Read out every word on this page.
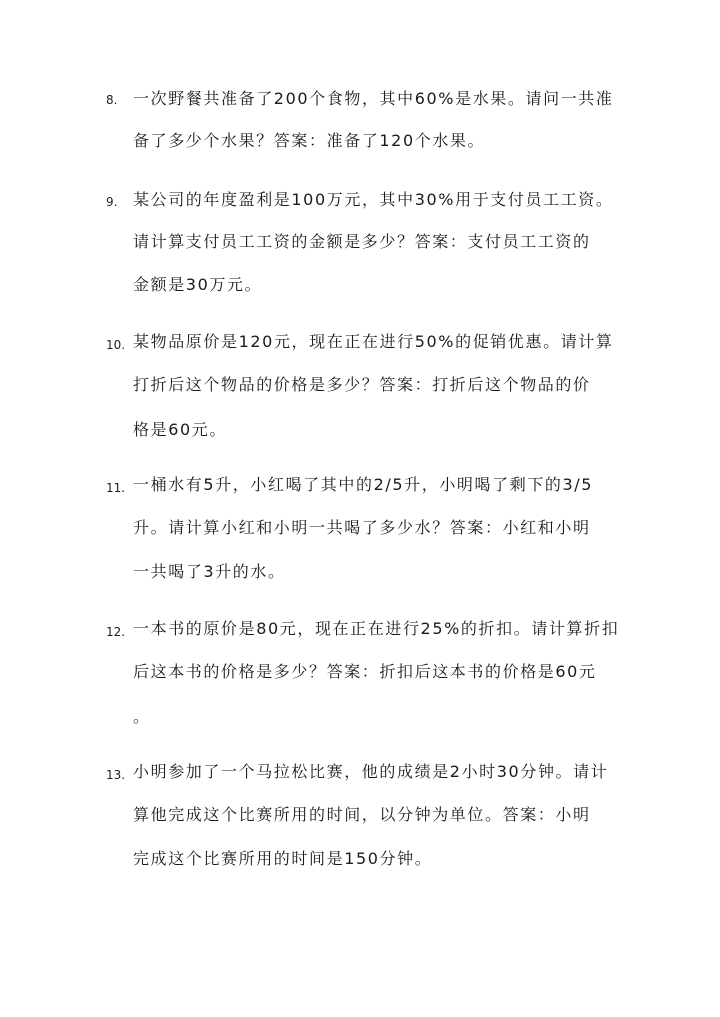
8. 一次野餐共准备了200个食物，其中60%是水果。请问一共准
备了多少个水果？答案：准备了120个水果。
9. 某公司的年度盈利是100万元，其中30%用于支付员工工资。
请计算支付员工工资的金额是多少？答案：支付员工工资的
金额是30万元。
10. 某物品原价是120元，现在正在进行50%的促销优惠。请计算
打折后这个物品的价格是多少？答案：打折后这个物品的价
格是60元。
11. 一桶水有5升，小红喝了其中的2/5升，小明喝了剩下的3/5
升。请计算小红和小明一共喝了多少水？答案：小红和小明
一共喝了3升的水。
12. 一本书的原价是80元，现在正在进行25%的折扣。请计算折扣
后这本书的价格是多少？答案：折扣后这本书的价格是60元
。
13. 小明参加了一个马拉松比赛，他的成绩是2小时30分钟。请计
算他完成这个比赛所用的时间，以分钟为单位。答案：小明
完成这个比赛所用的时间是150分钟。
